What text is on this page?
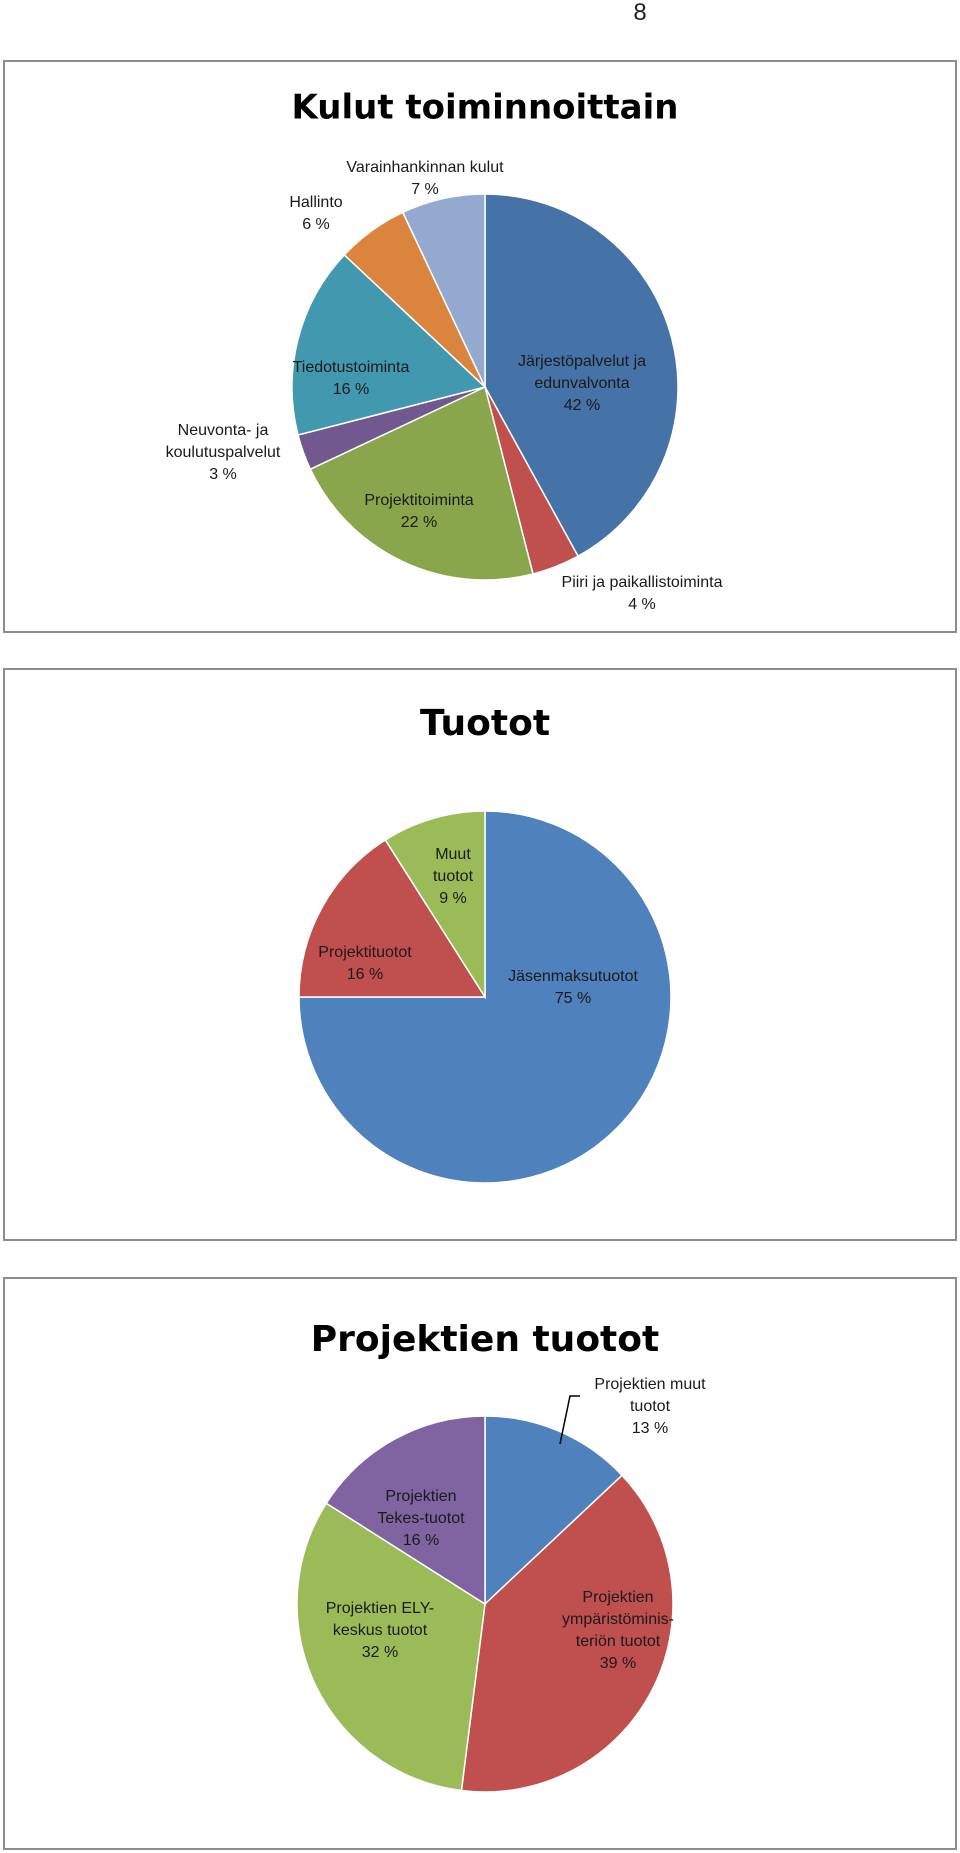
8
Kulut toiminnoittain
Järjestöpalvelut ja edunvalvonta 42 %
Piiri ja paikallistoiminta 4 %
Projektitoiminta 22 %
Neuvonta- ja koulutuspalvelut 3 %
Tiedotustoiminta 16 %
Hallinto 6 %
Varainhankinnan kulut 7 %
Tuotot
Jäsenmaksutuotot 75 %
Projektituotot 16 %
Muut tuotot 9 %
Projektien tuotot
Projektien muut tuotot 13 %
Projektien ympäristöminis-teriön tuotot 39 %
Projektien ELY-keskus tuotot 32 %
Projektien Tekes-tuotot 16 %
